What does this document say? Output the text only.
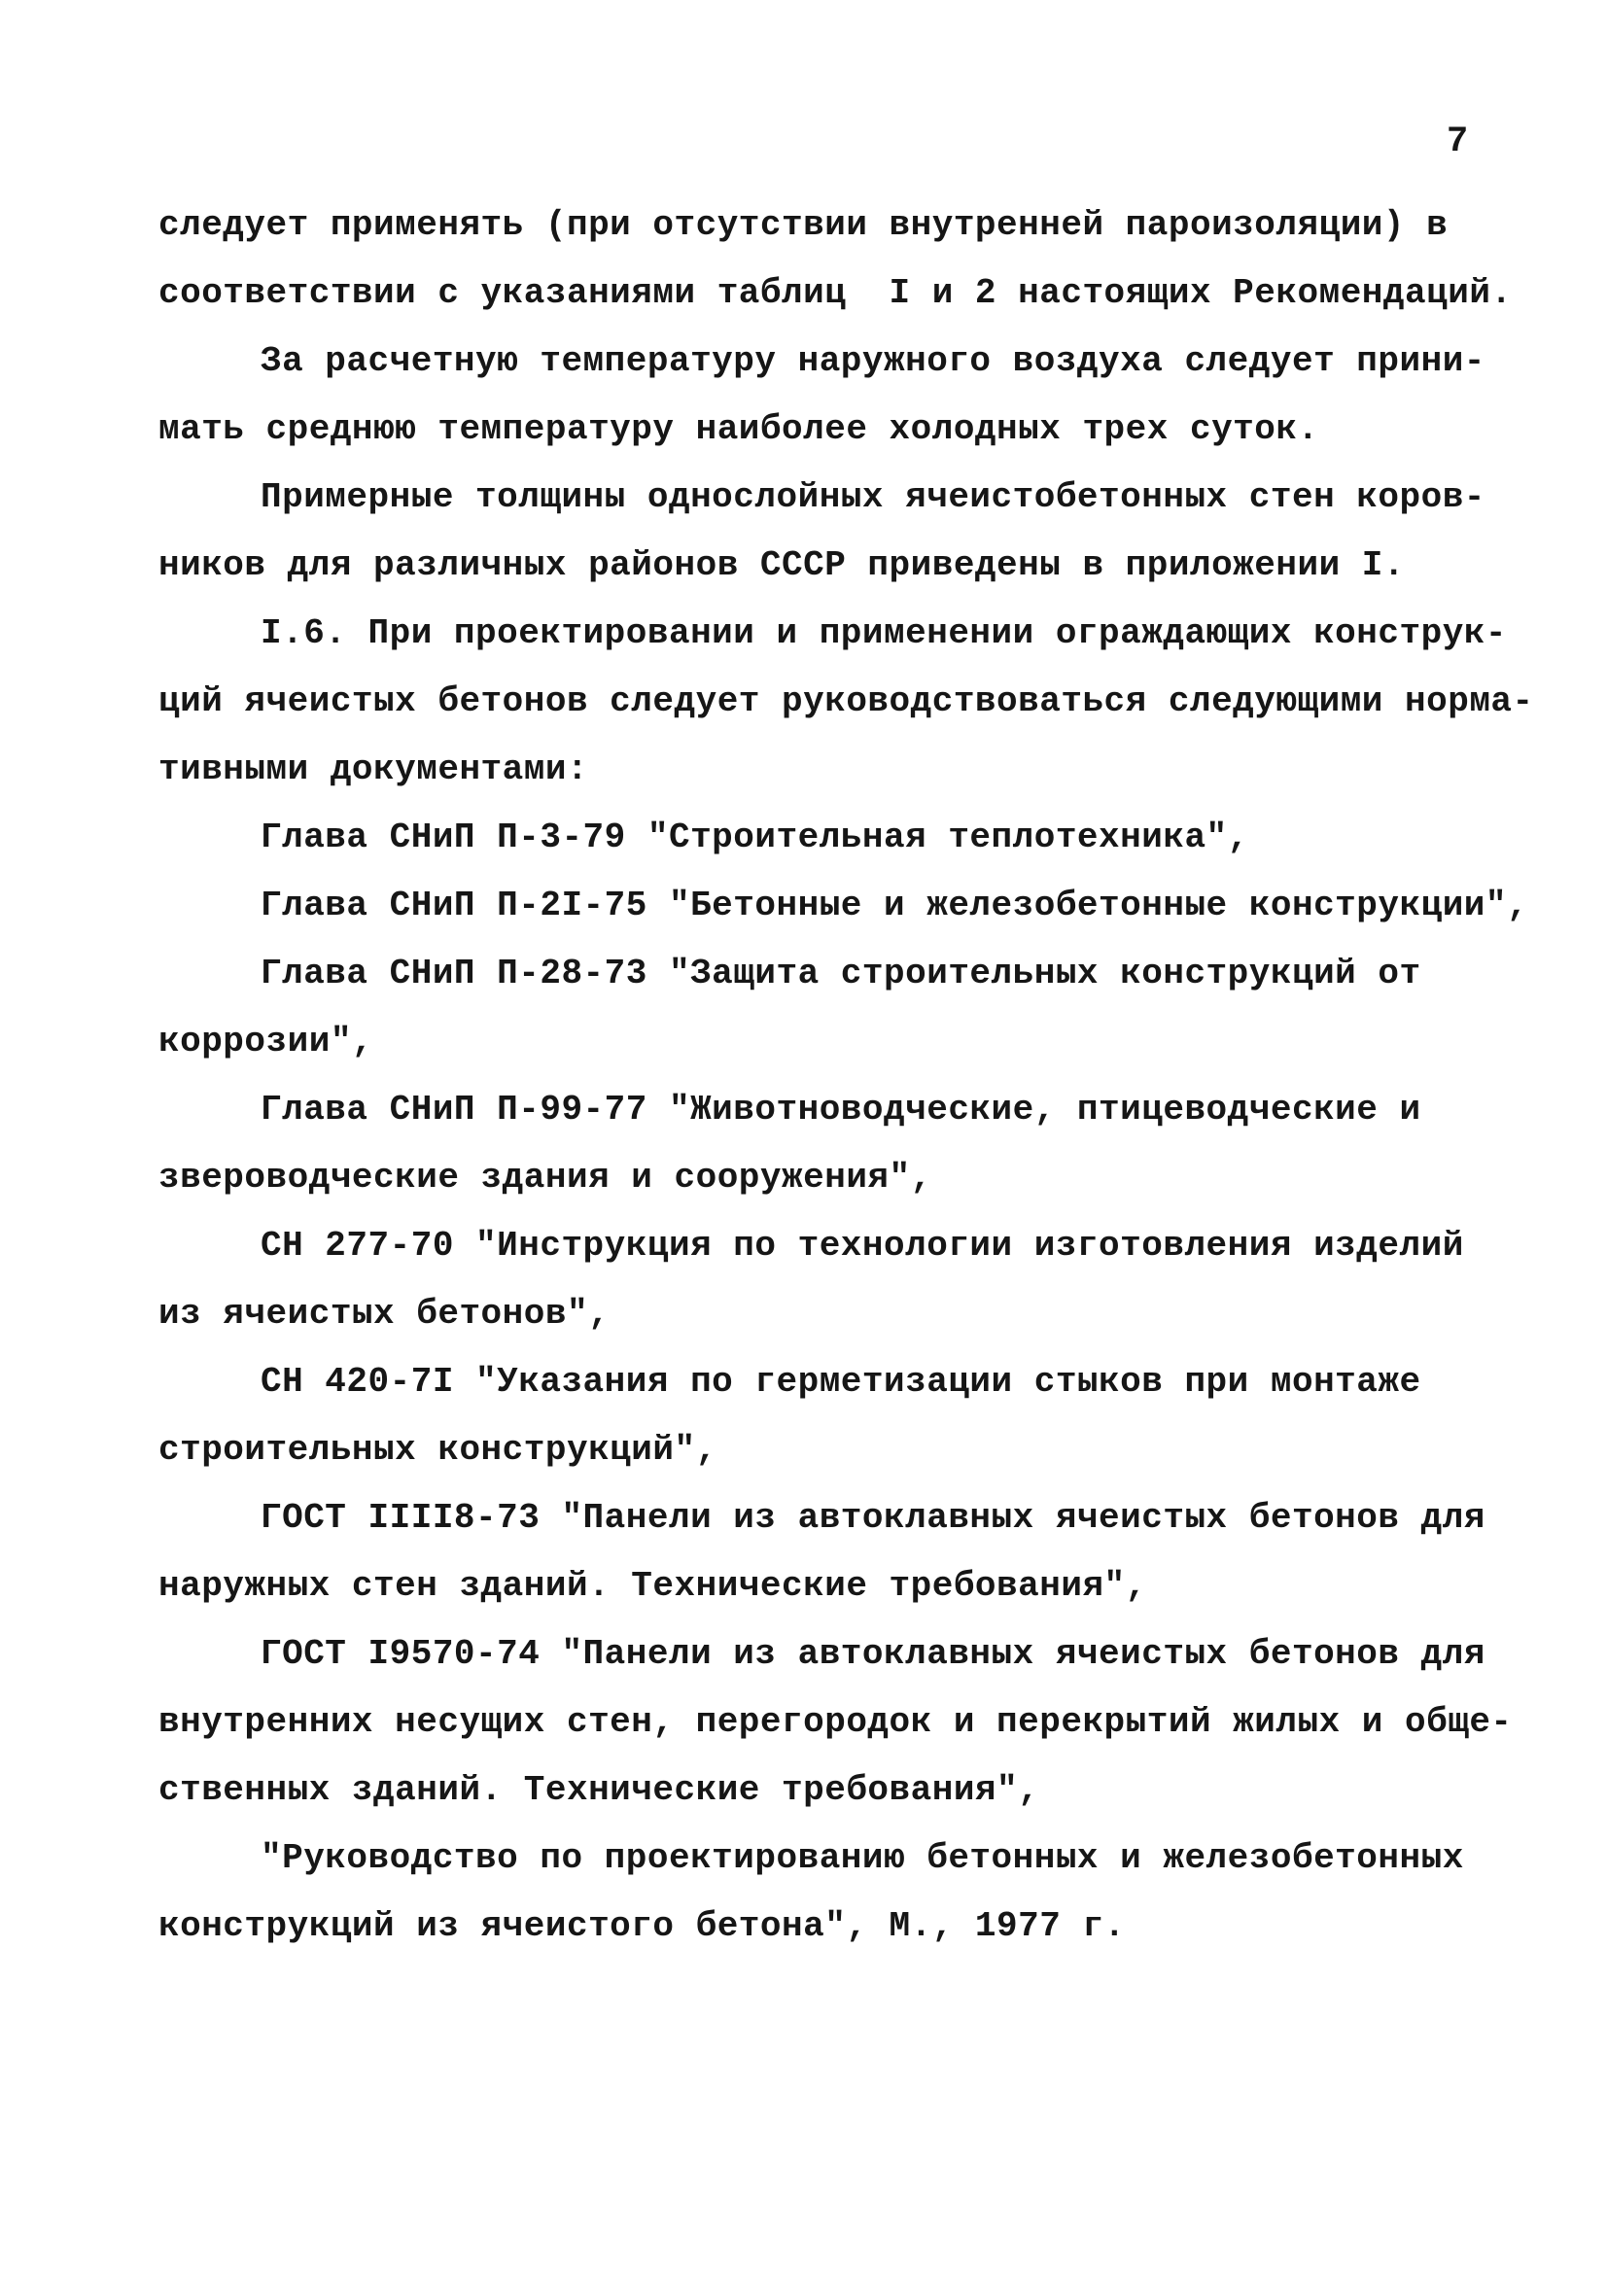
7
следует применять (при отсутствии внутренней пароизоляции) в
соответствии с указаниями таблиц  I и 2 настоящих Рекомендаций.
За расчетную температуру наружного воздуха следует прини-
мать среднюю температуру наиболее холодных трех суток.
Примерные толщины однослойных ячеистобетонных стен коров-
ников для различных районов СССР приведены в приложении I.
I.6. При проектировании и применении ограждающих конструк-
ций ячеистых бетонов следует руководствоваться следующими норма-
тивными документами:
Глава СНиП П-3-79 "Строительная теплотехника",
Глава СНиП П-2I-75 "Бетонные и железобетонные конструкции",
Глава СНиП П-28-73 "Защита строительных конструкций от
коррозии",
Глава СНиП П-99-77 "Животноводческие, птицеводческие и
звероводческие здания и сооружения",
СН 277-70 "Инструкция по технологии изготовления изделий
из ячеистых бетонов",
СН 420-7I "Указания по герметизации стыков при монтаже
строительных конструкций",
ГОСТ IIII8-73 "Панели из автоклавных ячеистых бетонов для
наружных стен зданий. Технические требования",
ГОСТ I9570-74 "Панели из автоклавных ячеистых бетонов для
внутренних несущих стен, перегородок и перекрытий жилых и обще-
ственных зданий. Технические требования",
"Руководство по проектированию бетонных и железобетонных
конструкций из ячеистого бетона", М., 1977 г.
